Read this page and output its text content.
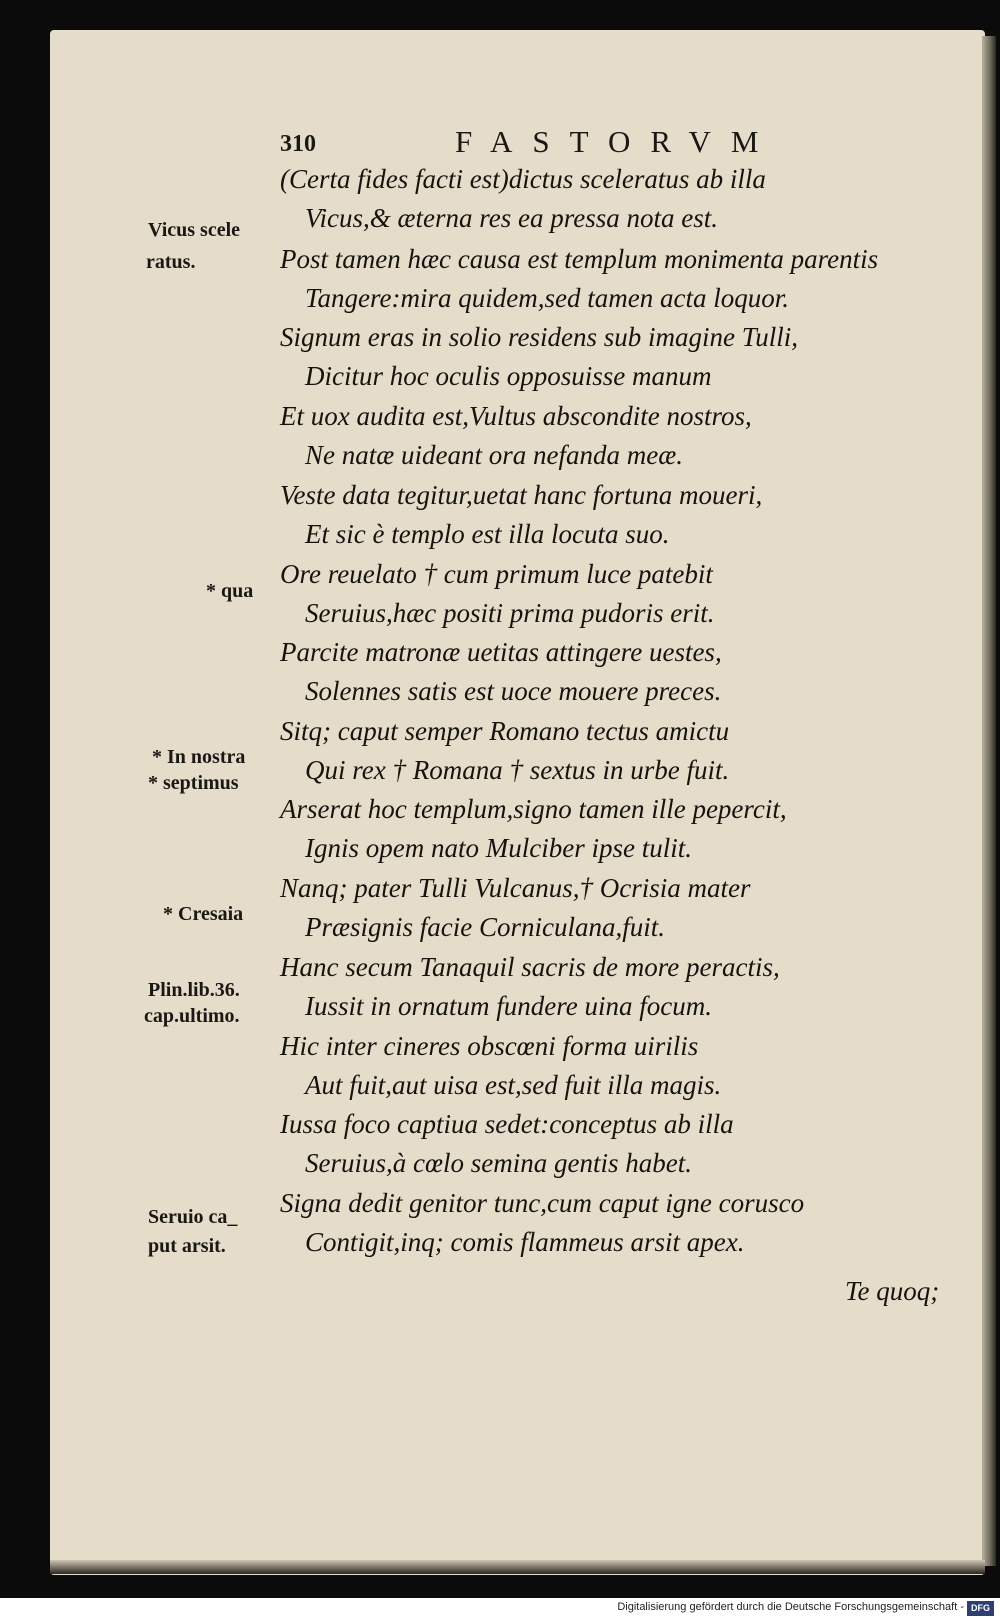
310	FASTORVM
(Certa fides facti est)dictus sceleratus ab illa
Vicus,& æterna res ea pressa nota est.
Post tamen hæc causa est templum monimenta parentis
Tangere:mira quidem,sed tamen acta loquor.
Signum eras in solio residens sub imagine Tulli,
Dicitur hoc oculis opposuisse manum
Et uox audita est,Vultus abscondite nostros,
Ne natæ uideant ora nefanda meæ.
Veste data tegitur,uetat hanc fortuna moueri,
Et sic è templo est illa locuta suo.
Ore reuelato † cum primum luce patebit
Seruius,hæc positi prima pudoris erit.
Parcite matronæ uetitas attingere uestes,
Solennes satis est uoce mouere preces.
Sitq; caput semper Romano tectus amictu
Qui rex † Romana † sextus in urbe fuit.
Arserat hoc templum,signo tamen ille pepercit,
Ignis opem nato Mulciber ipse tulit.
Nanq; pater Tulli Vulcanus,† Ocrisia mater
Præsignis facie Corniculana,fuit.
Hanc secum Tanaquil sacris de more peractis,
Iussit in ornatum fundere uina focum.
Hic inter cineres obscœni forma uirilis
Aut fuit,aut uisa est,sed fuit illa magis.
Iussa foco captiua sedet:conceptus ab illa
Seruius,à cœlo semina gentis habet.
Signa dedit genitor tunc,cum caput igne corusco
Contigit,inq; comis flammeus arsit apex.
Vicus scele
ratus.
* qua
* In nostra
* septimus
* Cresaia
Plin.lib.36.
cap.ultimo.
Seruio ca_
put arsit.
Te quoq;
Digitalisierung gefördert durch die Deutsche Forschungsgemeinschaft - DFG
